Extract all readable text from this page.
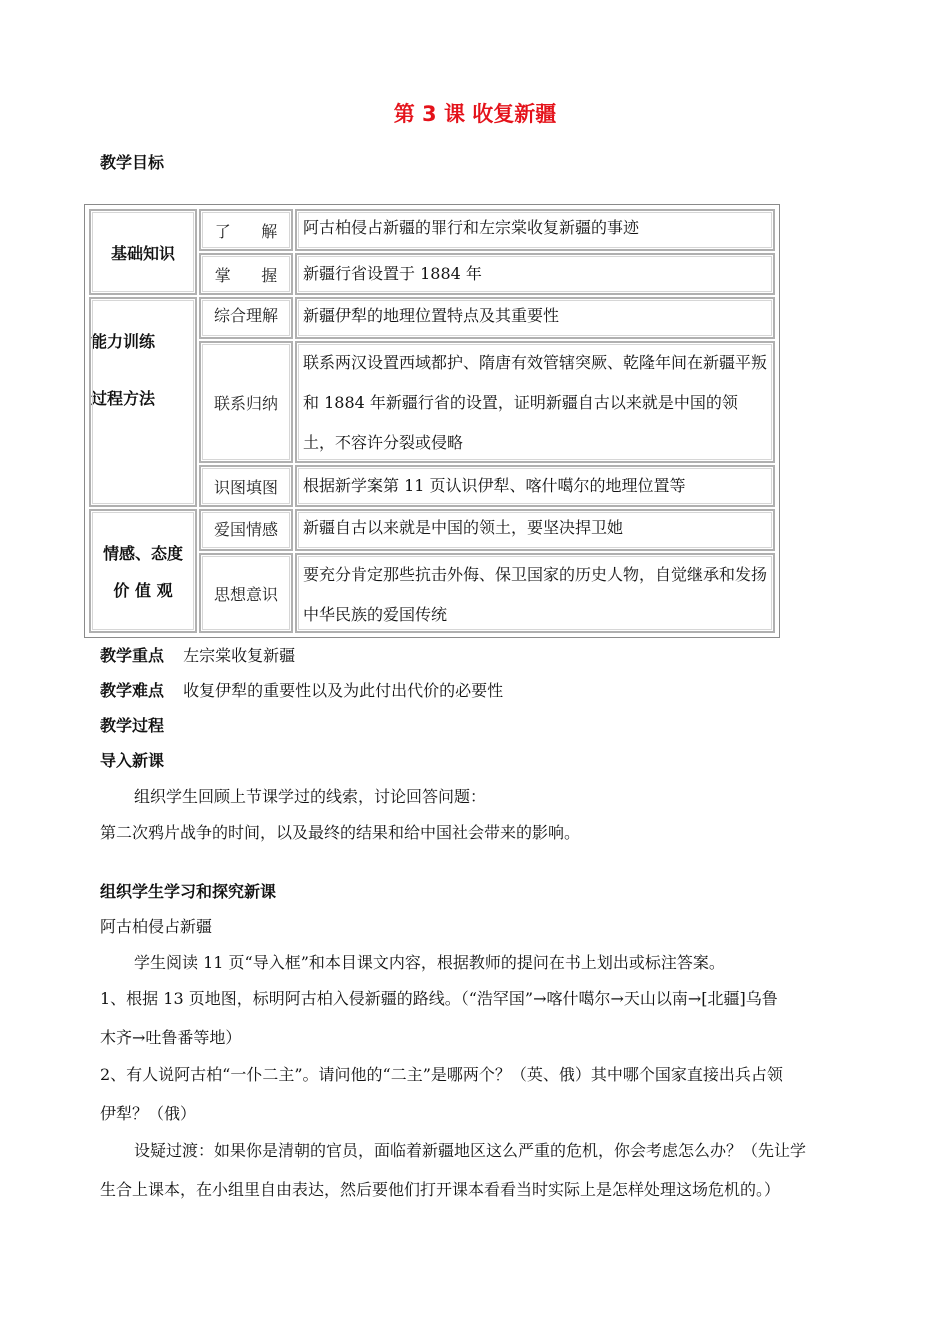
第 3 课 收复新疆
教学目标
基础知识
能力训练
过程方法
情感、态度
价 值 观
了      解
掌      握
综合理解
联系归纳
识图填图
爱国情感
思想意识
阿古柏侵占新疆的罪行和左宗棠收复新疆的事迹
新疆行省设置于 1884 年
新疆伊犁的地理位置特点及其重要性
联系两汉设置西域都护、隋唐有效管辖突厥、乾隆年间在新疆平叛和 1884 年新疆行省的设置，证明新疆自古以来就是中国的领土，不容许分裂或侵略
根据新学案第 11 页认识伊犁、喀什噶尔的地理位置等
新疆自古以来就是中国的领土，要坚决捍卫她
要充分肯定那些抗击外侮、保卫国家的历史人物，自觉继承和发扬中华民族的爱国传统
教学重点 左宗棠收复新疆
教学难点 收复伊犁的重要性以及为此付出代价的必要性
教学过程
导入新课
组织学生回顾上节课学过的线索，讨论回答问题：
第二次鸦片战争的时间，以及最终的结果和给中国社会带来的影响。
组织学生学习和探究新课
阿古柏侵占新疆
学生阅读 11 页“导入框”和本目课文内容，根据教师的提问在书上划出或标注答案。
1、根据 13 页地图，标明阿古柏入侵新疆的路线。（“浩罕国”→喀什噶尔→天山以南→[北疆]乌鲁
木齐→吐鲁番等地）
2、有人说阿古柏“一仆二主”。请问他的“二主”是哪两个？（英、俄）其中哪个国家直接出兵占领
伊犁？（俄）
设疑过渡：如果你是清朝的官员，面临着新疆地区这么严重的危机，你会考虑怎么办？（先让学
生合上课本，在小组里自由表达，然后要他们打开课本看看当时实际上是怎样处理这场危机的。）
